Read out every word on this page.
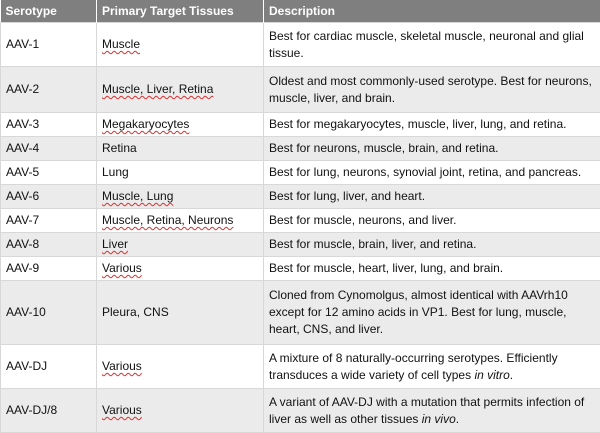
Serotype	Primary Target Tissues	Description
AAV-1	Muscle	Best for cardiac muscle, skeletal muscle, neuronal and glial tissue.
AAV-2	Muscle, Liver, Retina	Oldest and most commonly-used serotype. Best for neurons, muscle, liver, and brain.
AAV-3	Megakaryocytes	Best for megakaryocytes, muscle, liver, lung, and retina.
AAV-4	Retina	Best for neurons, muscle, brain, and retina.
AAV-5	Lung	Best for lung, neurons, synovial joint, retina, and pancreas.
AAV-6	Muscle, Lung	Best for lung, liver, and heart.
AAV-7	Muscle, Retina, Neurons	Best for muscle, neurons, and liver.
AAV-8	Liver	Best for muscle, brain, liver, and retina.
AAV-9	Various	Best for muscle, heart, liver, lung, and brain.
AAV-10	Pleura, CNS	Cloned from Cynomolgus, almost identical with AAVrh10 except for 12 amino acids in VP1. Best for lung, muscle, heart, CNS, and liver.
AAV-DJ	Various	A mixture of 8 naturally-occurring serotypes. Efficiently transduces a wide variety of cell types in vitro.
AAV-DJ/8	Various	A variant of AAV-DJ with a mutation that permits infection of liver as well as other tissues in vivo.
